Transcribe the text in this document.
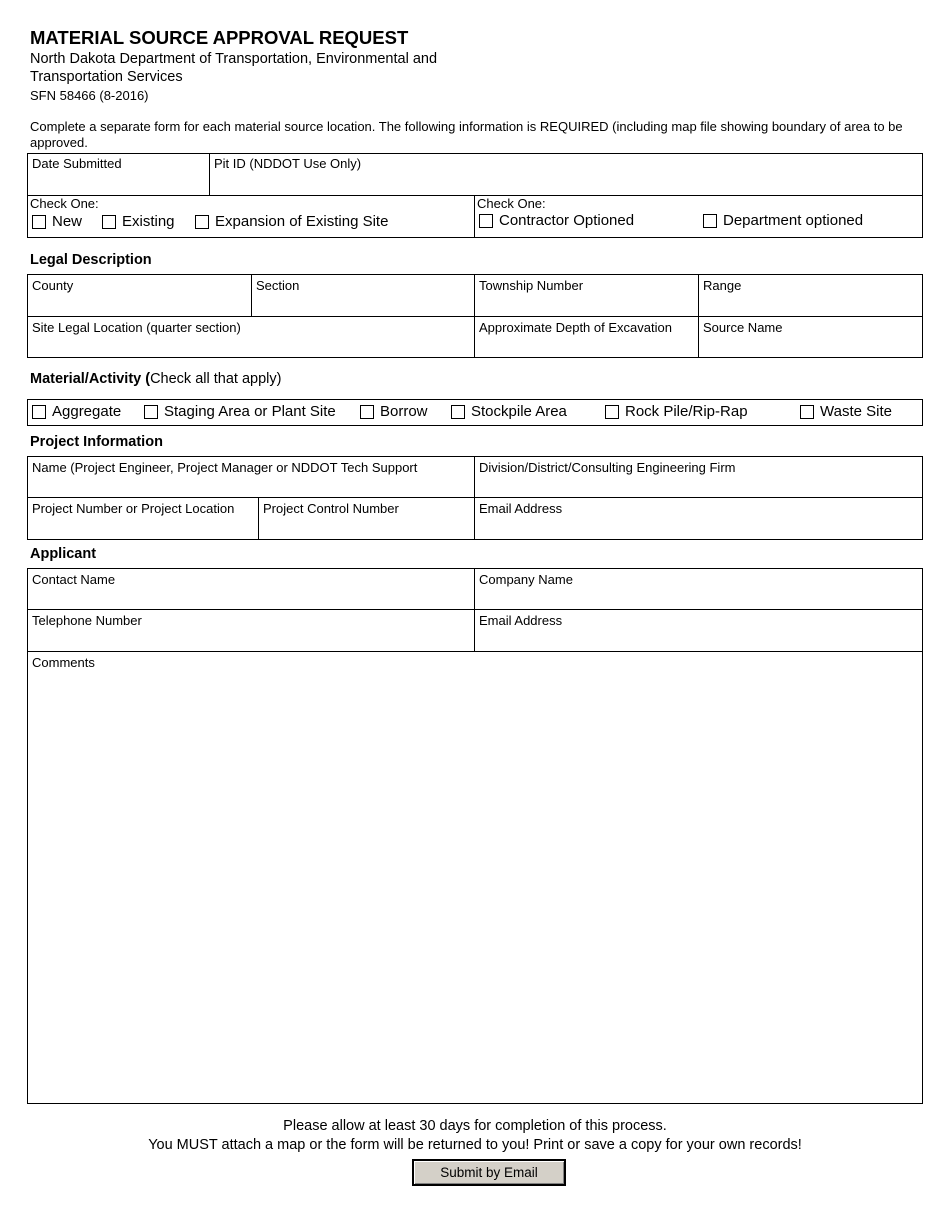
MATERIAL SOURCE APPROVAL REQUEST
North Dakota Department of Transportation, Environmental and Transportation Services
SFN 58466 (8-2016)
Complete a separate form for each material source location. The following information is REQUIRED (including map file showing boundary of area to be approved.
Date Submitted	Pit ID (NDDOT Use Only)
Check One:
New	Existing	Expansion of Existing Site
Check One:
Contractor Optioned	Department optioned
Legal Description
County	Section	Township Number	Range
Site Legal Location (quarter section)	Approximate Depth of Excavation	Source Name
Material/Activity (Check all that apply)
Aggregate	Staging Area or Plant Site	Borrow	Stockpile Area	Rock Pile/Rip-Rap	Waste Site
Project Information
Name (Project Engineer, Project Manager or NDDOT Tech Support	Division/District/Consulting Engineering Firm
Project Number or Project Location	Project Control Number	Email Address
Applicant
Contact Name	Company Name
Telephone Number	Email Address
Comments
Please allow at least 30 days for completion of this process.
You MUST attach a map or the form will be returned to you! Print or save a copy for your own records!
Submit by Email
